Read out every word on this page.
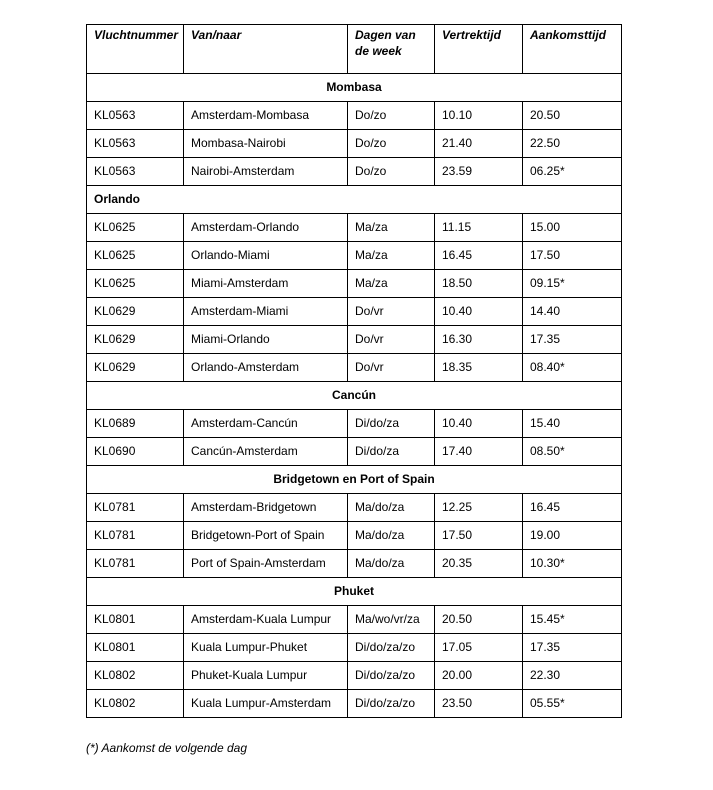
Vluchtnummer	Van/naar	Dagen van de week	Vertrektijd	Aankomsttijd
Mombasa				
KL0563	Amsterdam-Mombasa	Do/zo	10.10	20.50
KL0563	Mombasa-Nairobi	Do/zo	21.40	22.50
KL0563	Nairobi-Amsterdam	Do/zo	23.59	06.25*
Orlando				
KL0625	Amsterdam-Orlando	Ma/za	11.15	15.00
KL0625	Orlando-Miami	Ma/za	16.45	17.50
KL0625	Miami-Amsterdam	Ma/za	18.50	09.15*
KL0629	Amsterdam-Miami	Do/vr	10.40	14.40
KL0629	Miami-Orlando	Do/vr	16.30	17.35
KL0629	Orlando-Amsterdam	Do/vr	18.35	08.40*
Cancún				
KL0689	Amsterdam-Cancún	Di/do/za	10.40	15.40
KL0690	Cancún-Amsterdam	Di/do/za	17.40	08.50*
Bridgetown en Port of Spain				
KL0781	Amsterdam-Bridgetown	Ma/do/za	12.25	16.45
KL0781	Bridgetown-Port of Spain	Ma/do/za	17.50	19.00
KL0781	Port of Spain-Amsterdam	Ma/do/za	20.35	10.30*
Phuket				
KL0801	Amsterdam-Kuala Lumpur	Ma/wo/vr/za	20.50	15.45*
KL0801	Kuala Lumpur-Phuket	Di/do/za/zo	17.05	17.35
KL0802	Phuket-Kuala Lumpur	Di/do/za/zo	20.00	22.30
KL0802	Kuala Lumpur-Amsterdam	Di/do/za/zo	23.50	05.55*
(*) Aankomst de volgende dag
